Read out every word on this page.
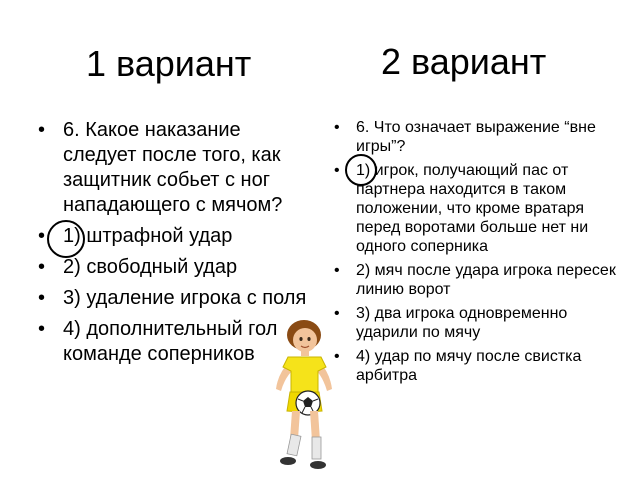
1 вариант	2 вариант
• 6. Какое наказание следует после того, как защитник собьет с ног нападающего с мячом?
• 1) штрафной удар
• 2) свободный удар
• 3) удаление игрока с поля
• 4) дополнительный гол команде соперников
• 6. Что означает выражение “вне игры”?
• 1) игрок, получающий пас от партнера находится в таком положении, что кроме вратаря перед воротами больше нет ни одного соперника
• 2) мяч после удара игрока пересек линию ворот
• 3) два игрока одновременно ударили по мячу
• 4) удар по мячу после свистка арбитра
